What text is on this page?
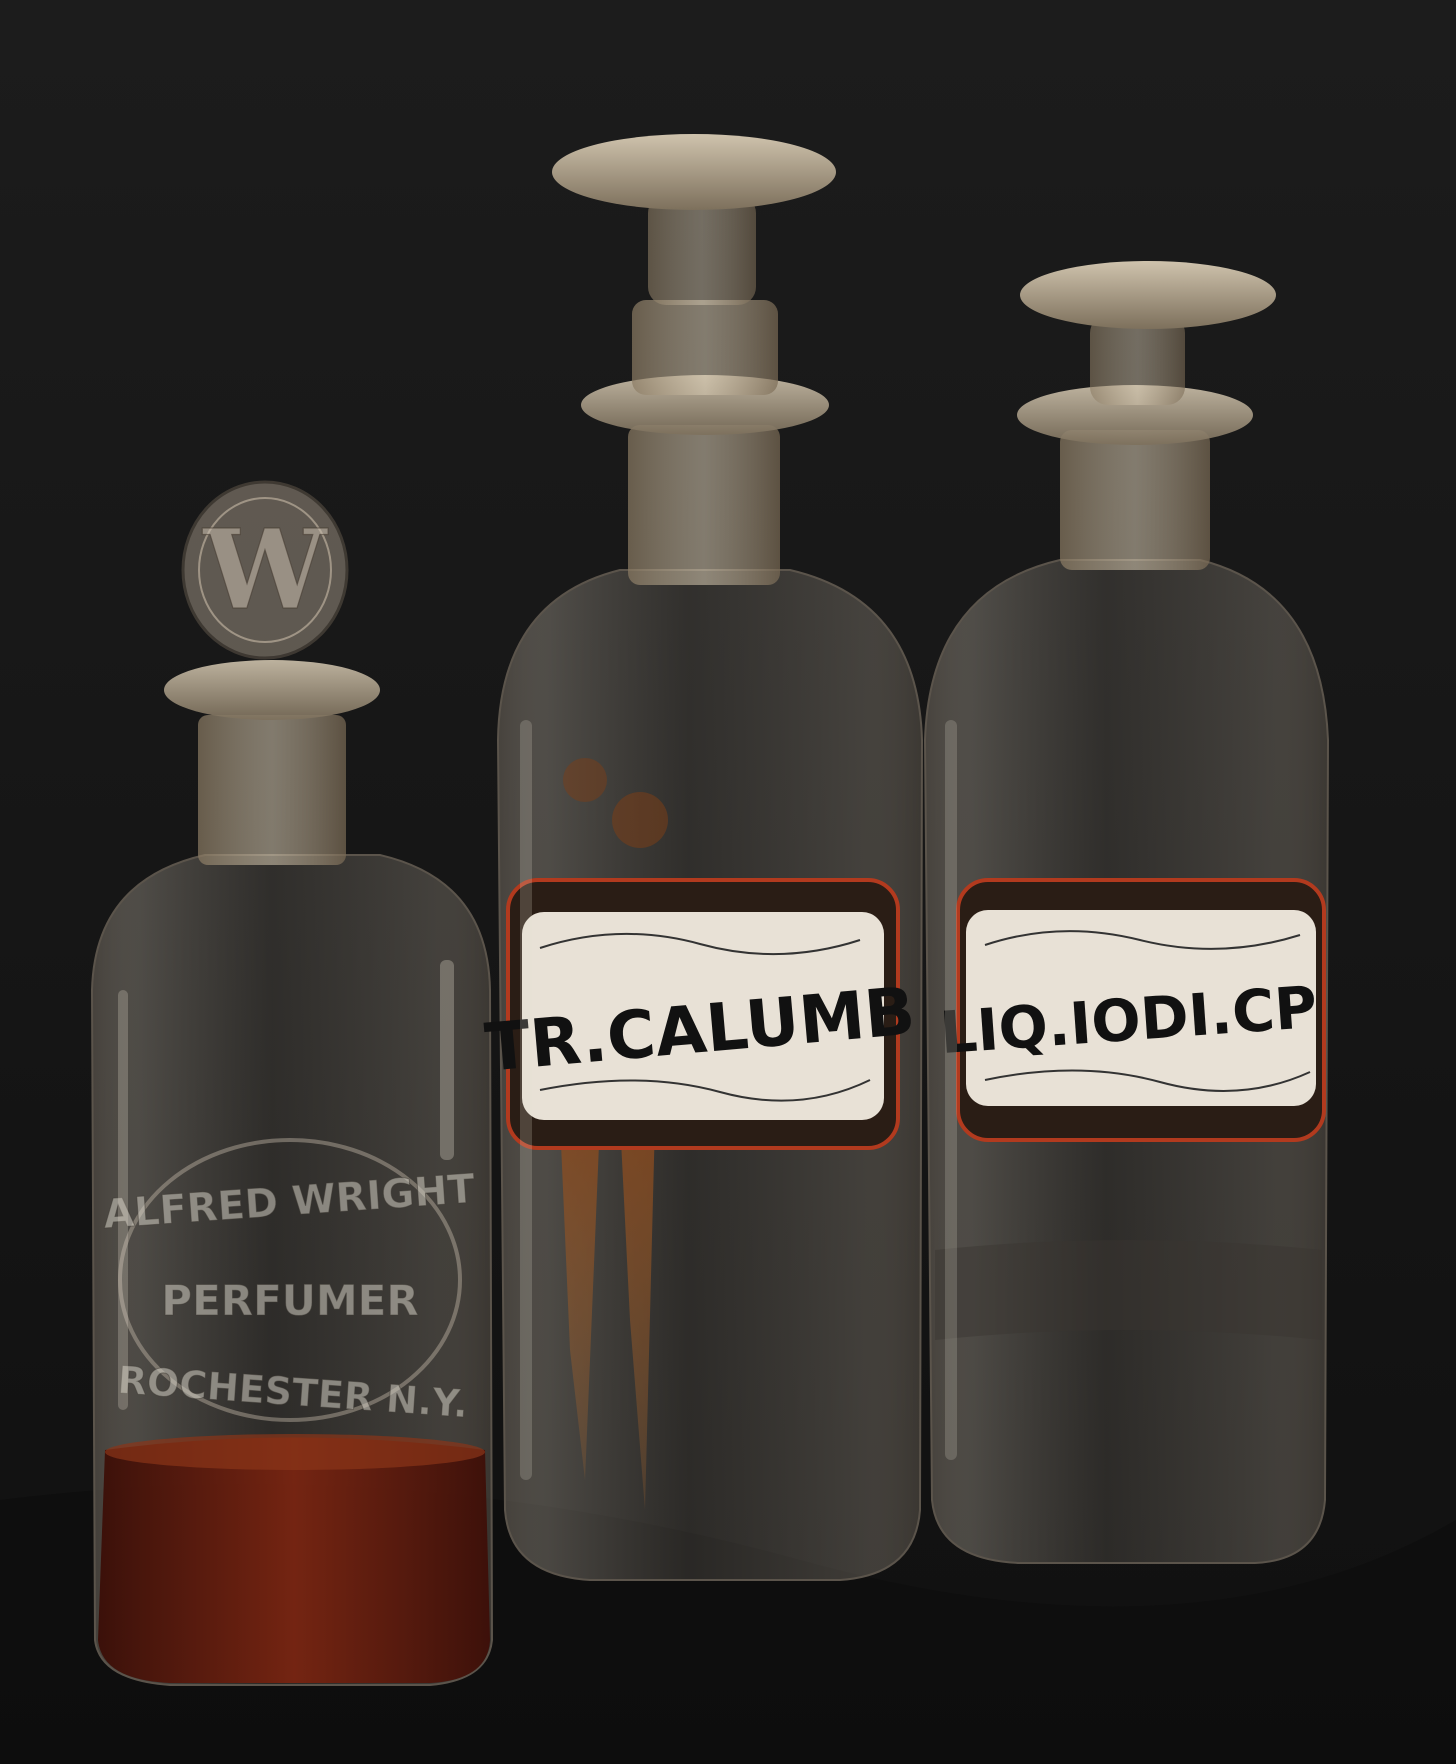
W
ALFRED WRIGHT
PERFUMER
ROCHESTER N.Y.
TR.CALUMB LIQ.IODI.CP
